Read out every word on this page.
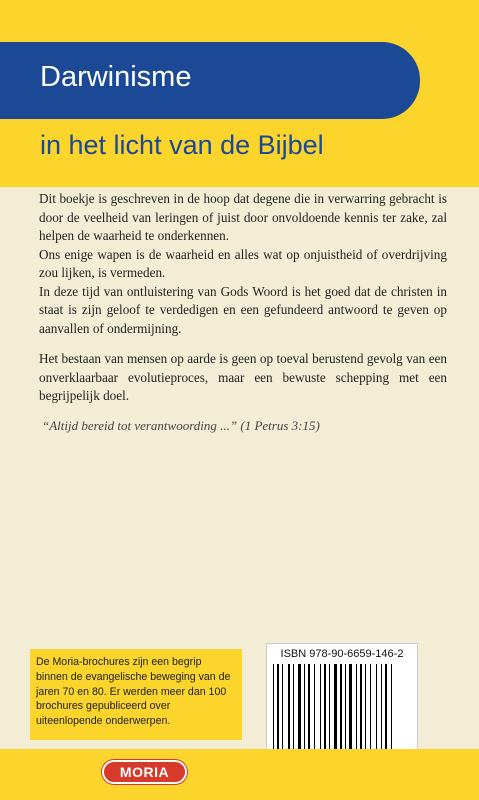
Darwinisme
in het licht van de Bijbel

Dit boekje is geschreven in de hoop dat degene die in verwarring gebracht is door de veelheid van leringen of juist door onvoldoende kennis ter zake, zal helpen de waarheid te onderkennen.

Ons enige wapen is de waarheid en alles wat op onjuistheid of overdrijving zou lijken, is vermeden.

In deze tijd van ontluistering van Gods Woord is het goed dat de christen in staat is zijn geloof te verdedigen en een gefundeerd antwoord te geven op aanvallen of ondermijning.

Het bestaan van mensen op aarde is geen op toeval berustend gevolg van een onverklaarbaar evolutieproces, maar een bewuste schepping met een begrijpelijk doel.

“Altijd bereid tot verantwoording ...” (1 Petrus 3:15)
De Moria-brochures zijn een begrip binnen de evangelische beweging van de jaren 70 en 80. Er werden meer dan 100 brochures gepubliceerd over uiteenlopende onderwerpen.
ISBN 978-90-6659-146-2
MORIA
